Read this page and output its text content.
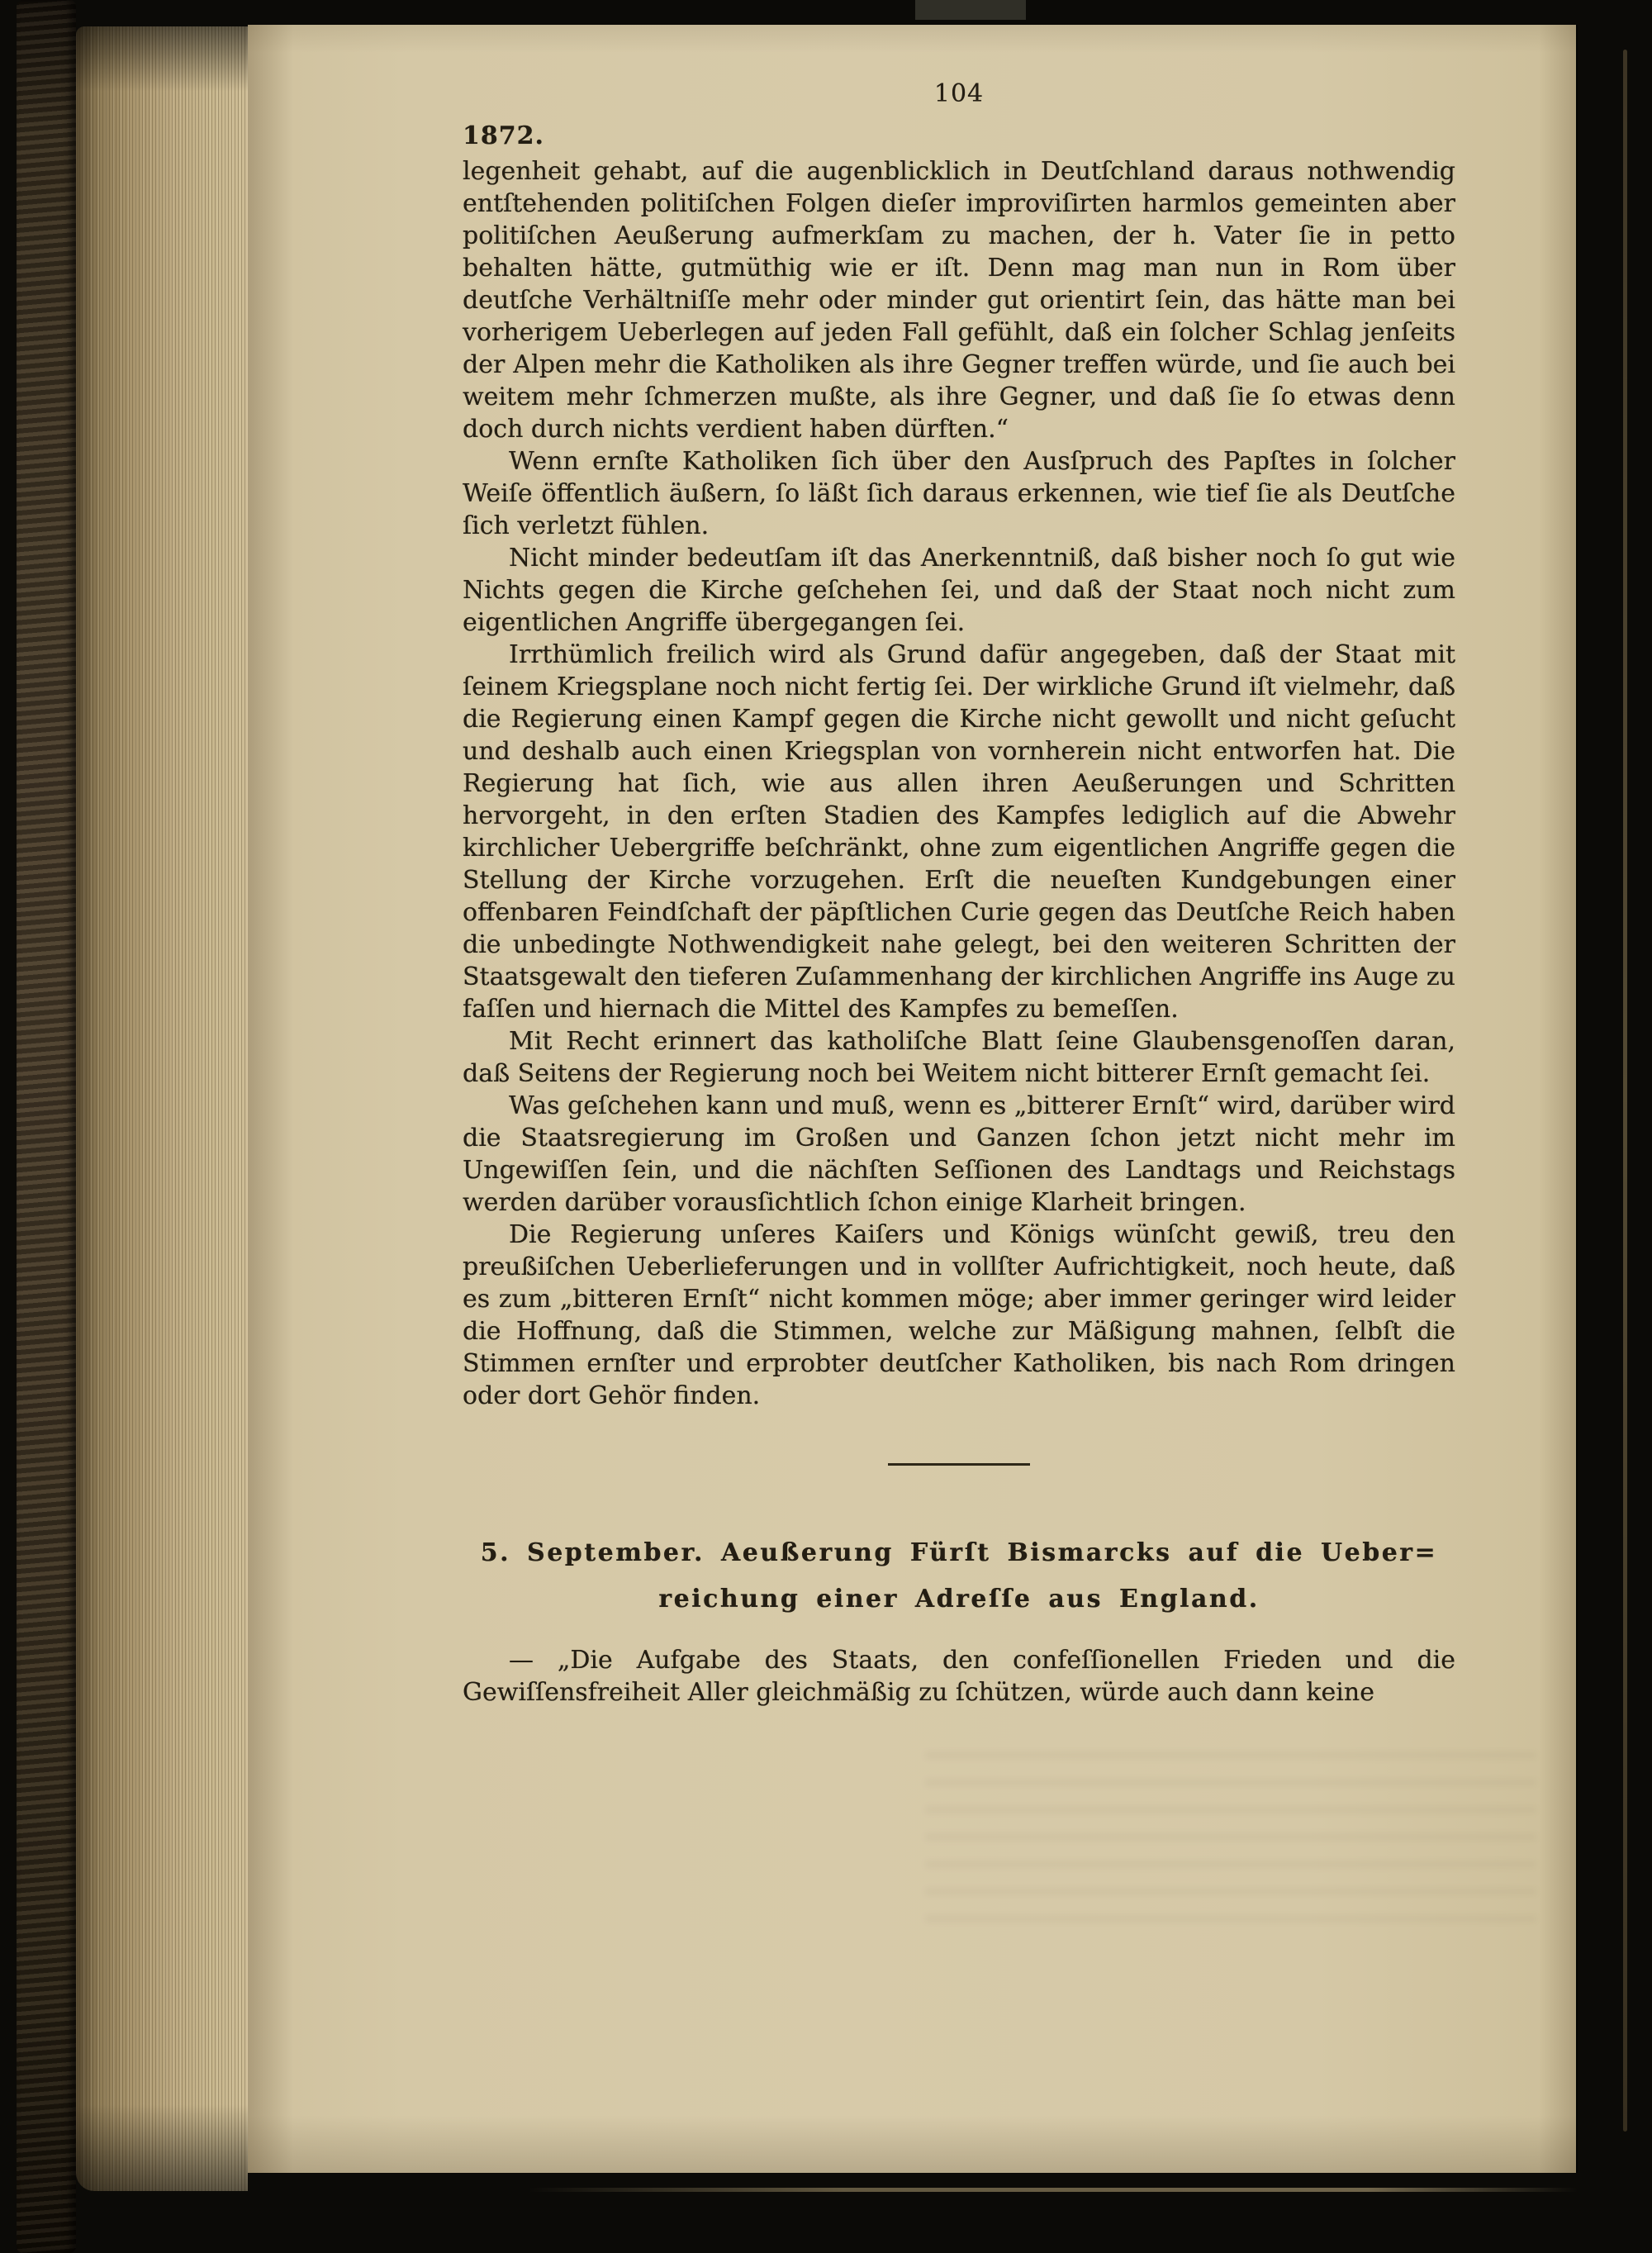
104
1872.

legenheit gehabt, auf die augenblicklich in Deutſchland daraus nothwendig entſtehenden politiſchen Folgen dieſer improviſirten harmlos gemeinten aber politiſchen Aeußerung aufmerkſam zu machen, der h. Vater ſie in petto behalten hätte, gutmüthig wie er iſt. Denn mag man nun in Rom über deutſche Verhältniſſe mehr oder minder gut orientirt ſein, das hätte man bei vorherigem Ueberlegen auf jeden Fall gefühlt, daß ein ſolcher Schlag jenſeits der Alpen mehr die Katholiken als ihre Gegner treffen würde, und ſie auch bei weitem mehr ſchmerzen mußte, als ihre Gegner, und daß ſie ſo etwas denn doch durch nichts verdient haben dürften.“

Wenn ernſte Katholiken ſich über den Ausſpruch des Papſtes in ſolcher Weiſe öffentlich äußern, ſo läßt ſich daraus erkennen, wie tief ſie als Deutſche ſich verletzt fühlen.

Nicht minder bedeutſam iſt das Anerkenntniß, daß bisher noch ſo gut wie Nichts gegen die Kirche geſchehen ſei, und daß der Staat noch nicht zum eigentlichen Angriffe übergegangen ſei.

Irrthümlich freilich wird als Grund dafür angegeben, daß der Staat mit ſeinem Kriegsplane noch nicht fertig ſei. Der wirkliche Grund iſt vielmehr, daß die Regierung einen Kampf gegen die Kirche nicht gewollt und nicht geſucht und deshalb auch einen Kriegsplan von vornherein nicht entworfen hat. Die Regierung hat ſich, wie aus allen ihren Aeußerungen und Schritten hervorgeht, in den erſten Stadien des Kampfes lediglich auf die Abwehr kirchlicher Uebergriffe beſchränkt, ohne zum eigentlichen Angriffe gegen die Stellung der Kirche vorzugehen. Erſt die neueſten Kundgebungen einer offenbaren Feindſchaft der päpſtlichen Curie gegen das Deutſche Reich haben die unbedingte Nothwendigkeit nahe gelegt, bei den weiteren Schritten der Staatsgewalt den tieferen Zuſammenhang der kirchlichen Angriffe ins Auge zu faſſen und hiernach die Mittel des Kampfes zu bemeſſen.

Mit Recht erinnert das katholiſche Blatt ſeine Glaubensgenoſſen daran, daß Seitens der Regierung noch bei Weitem nicht bitterer Ernſt gemacht ſei.

Was geſchehen kann und muß, wenn es „bitterer Ernſt“ wird, darüber wird die Staatsregierung im Großen und Ganzen ſchon jetzt nicht mehr im Ungewiſſen ſein, und die nächſten Seſſionen des Landtags und Reichstags werden darüber vorausſichtlich ſchon einige Klarheit bringen.

Die Regierung unſeres Kaiſers und Königs wünſcht gewiß, treu den preußiſchen Ueberlieferungen und in vollſter Aufrichtigkeit, noch heute, daß es zum „bitteren Ernſt“ nicht kommen möge; aber immer geringer wird leider die Hoffnung, daß die Stimmen, welche zur Mäßigung mahnen, ſelbſt die Stimmen ernſter und erprobter deutſcher Katholiken, bis nach Rom dringen oder dort Gehör finden.

5. September. Aeußerung Fürſt Bismarcks auf die Ueber=
reichung einer Adreſſe aus England.

— „Die Aufgabe des Staats, den confeſſionellen Frieden und die Gewiſſensfreiheit Aller gleichmäßig zu ſchützen, würde auch dann keine
